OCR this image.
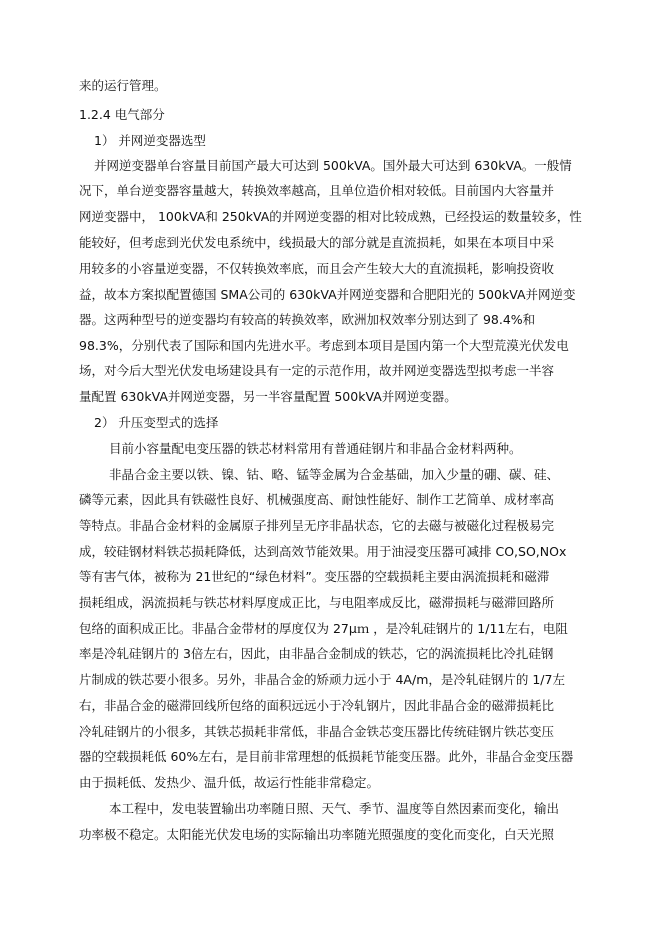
来的运行管理。
1.2.4 电气部分
1） 并网逆变器选型
并网逆变器单台容量目前国产最大可达到 500kVA。国外最大可达到 630kVA。一般情
况下，单台逆变器容量越大，转换效率越高，且单位造价相对较低。目前国内大容量并
网逆变器中， 100kVA和 250kVA的并网逆变器的相对比较成熟，已经投运的数量较多，性
能较好，但考虑到光伏发电系统中，线损最大的部分就是直流损耗，如果在本项目中采
用较多的小容量逆变器，不仅转换效率底，而且会产生较大大的直流损耗，影响投资收
益，故本方案拟配置德国 SMA公司的 630kVA并网逆变器和合肥阳光的 500kVA并网逆变
器。这两种型号的逆变器均有较高的转换效率，欧洲加权效率分别达到了 98.4%和
98.3%，分别代表了国际和国内先进水平。考虑到本项目是国内第一个大型荒漠光伏发电
场，对今后大型光伏发电场建设具有一定的示范作用，故并网逆变器选型拟考虑一半容
量配置 630kVA并网逆变器，另一半容量配置 500kVA并网逆变器。
2） 升压变型式的选择
目前小容量配电变压器的铁芯材料常用有普通硅钢片和非晶合金材料两种。
非晶合金主要以铁、镍、钴、略、锰等金属为合金基础，加入少量的硼、碳、硅、
磷等元素，因此具有铁磁性良好、机械强度高、耐蚀性能好、制作工艺简单、成材率高
等特点。非晶合金材料的金属原子排列呈无序非晶状态，它的去磁与被磁化过程极易完
成，较硅钢材料铁芯损耗降低，达到高效节能效果。用于油浸变压器可减排 CO,SO,NOx
等有害气体，被称为 21世纪的“绿色材料”。变压器的空载损耗主要由涡流损耗和磁滞
损耗组成，涡流损耗与铁芯材料厚度成正比，与电阻率成反比，磁滞损耗与磁滞回路所
包络的面积成正比。非晶合金带材的厚度仅为 27μｍ ，是冷轧硅钢片的 1/11左右，电阻
率是冷轧硅钢片的 3倍左右，因此，由非晶合金制成的铁芯，它的涡流损耗比冷扎硅钢
片制成的铁芯要小很多。另外，非晶合金的矫顽力远小于 4A/m，是冷轧硅钢片的 1/7左
右，非晶合金的磁滞回线所包络的面积远远小于冷轧钢片，因此非晶合金的磁滞损耗比
冷轧硅钢片的小很多，其铁芯损耗非常低，非晶合金铁芯变压器比传统硅钢片铁芯变压
器的空载损耗低 60%左右，是目前非常理想的低损耗节能变压器。此外，非晶合金变压器
由于损耗低、发热少、温升低，故运行性能非常稳定。
本工程中，发电装置输出功率随日照、天气、季节、温度等自然因素而变化，输出
功率极不稳定。太阳能光伏发电场的实际输出功率随光照强度的变化而变化，白天光照
